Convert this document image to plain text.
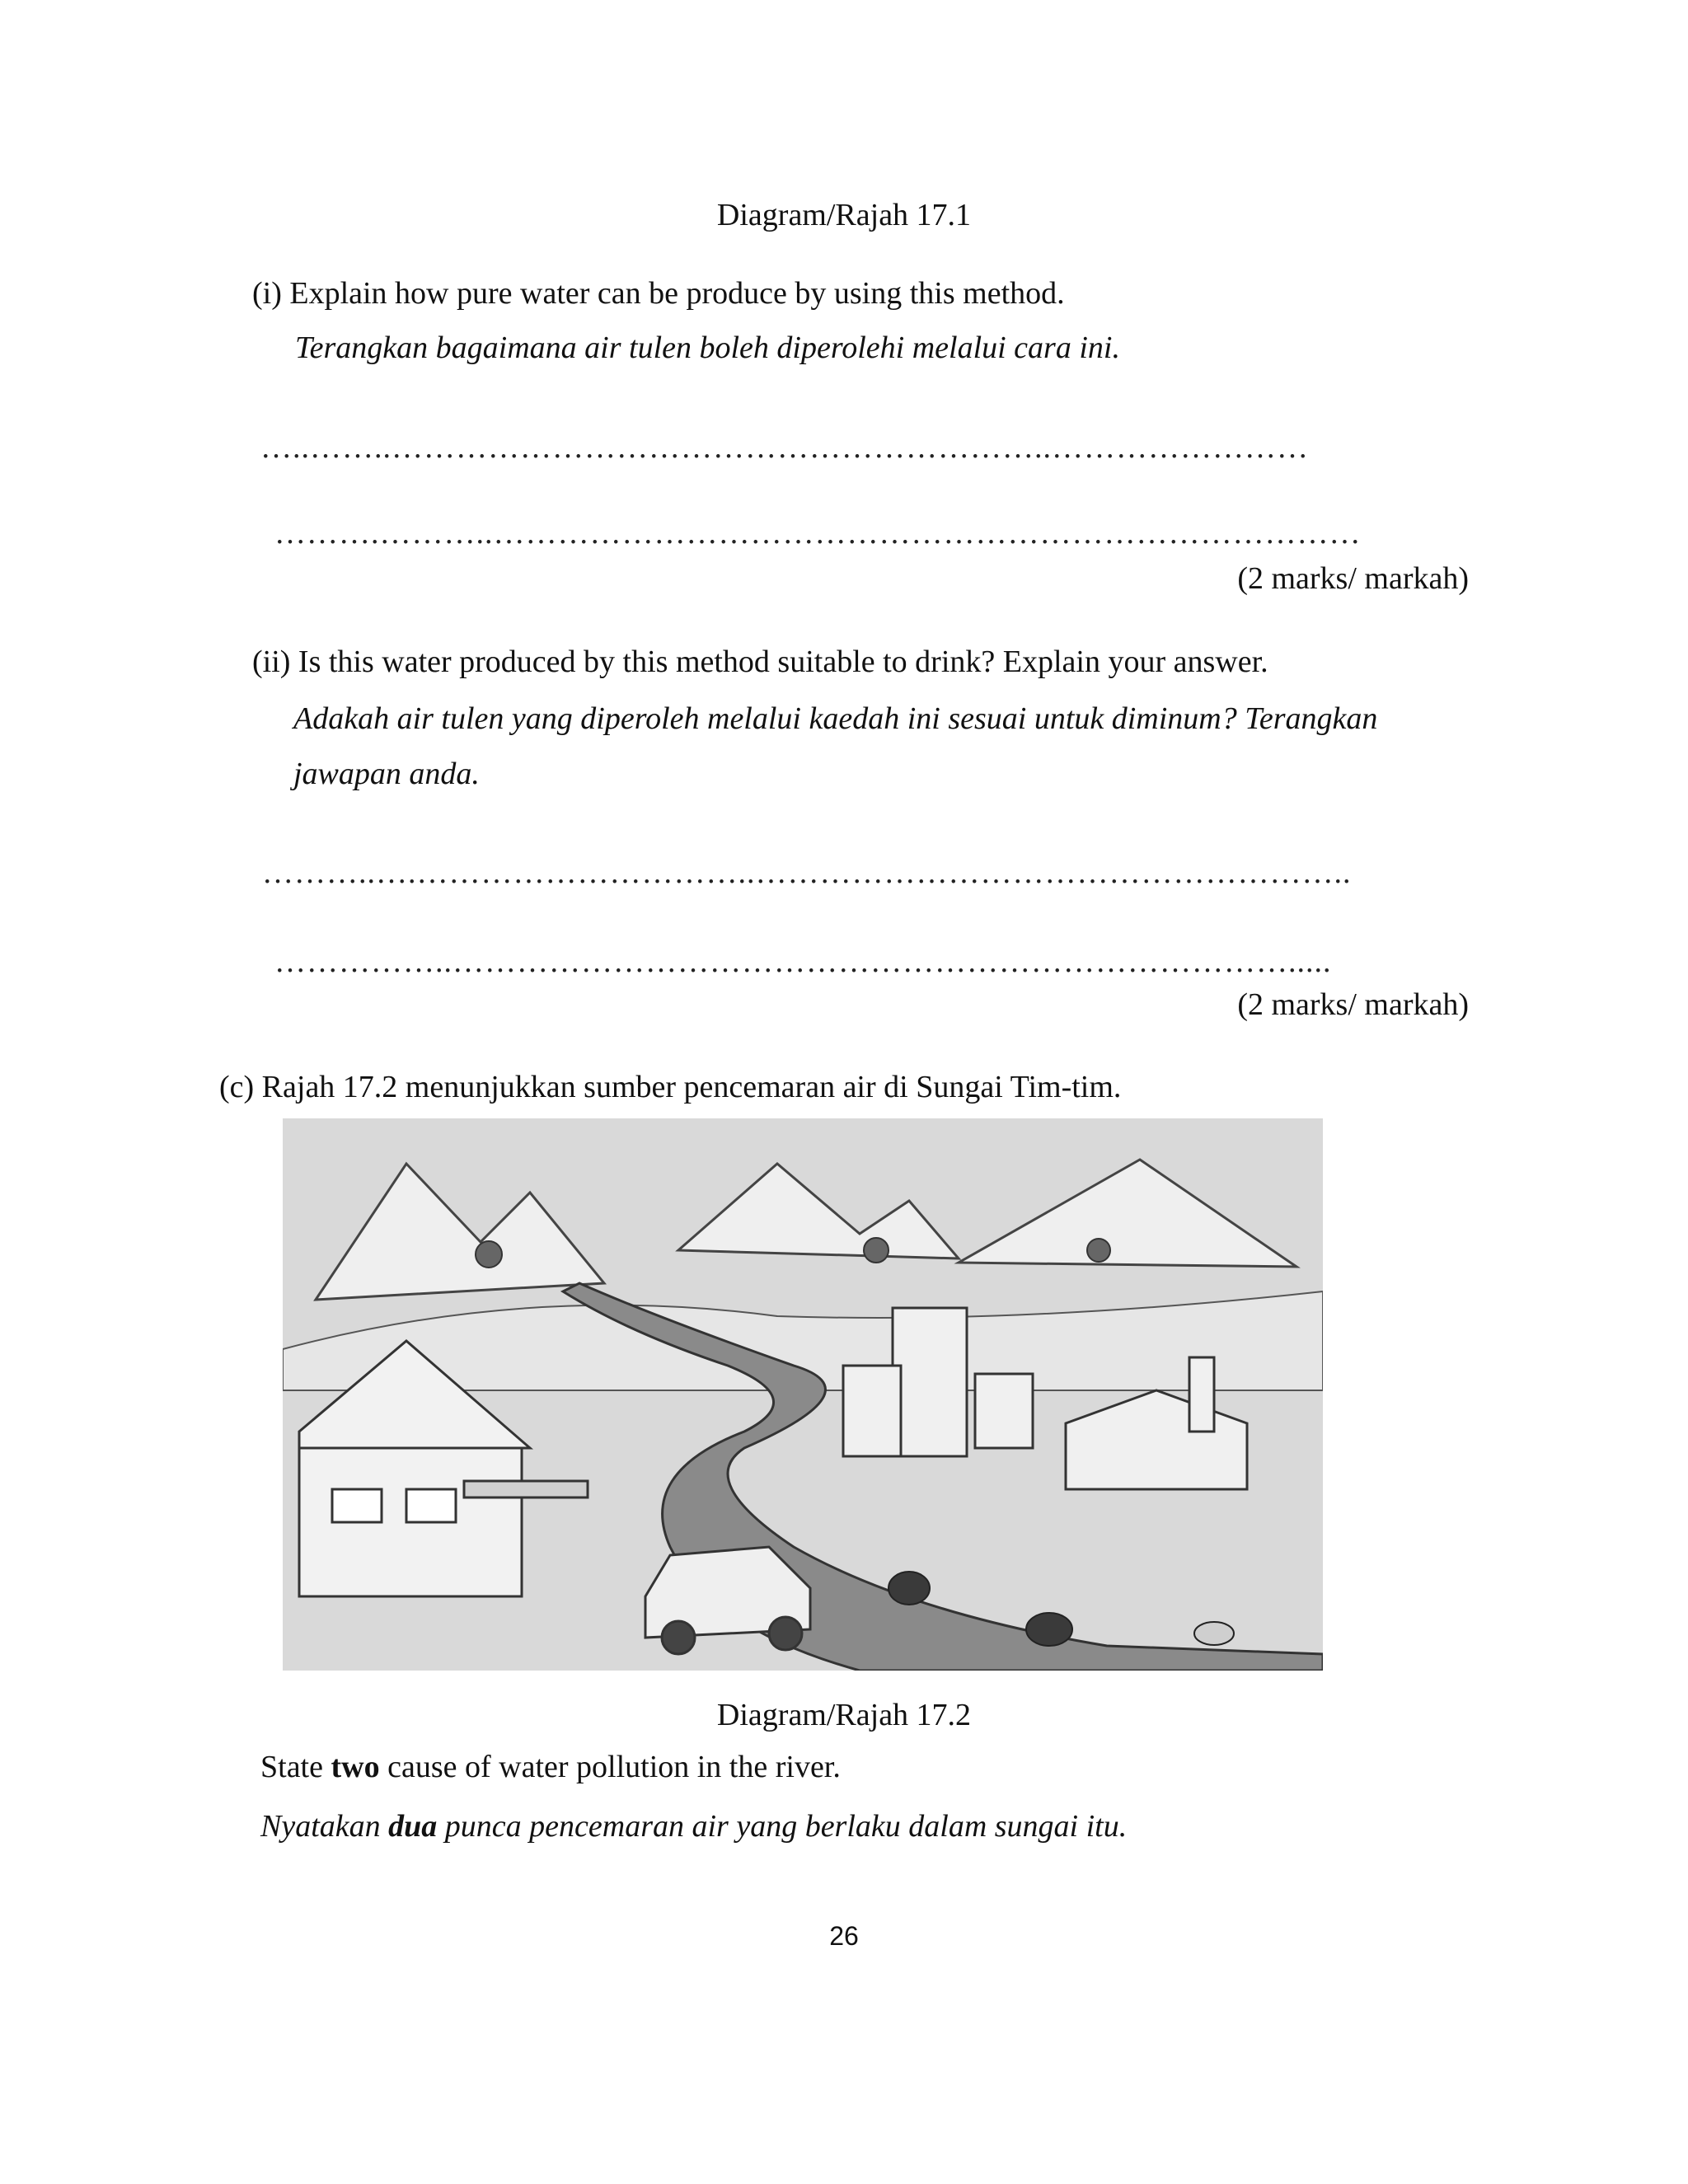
Diagram/Rajah 17.1
(i) Explain how pure water can be produce by using this method.
Terangkan bagaimana air tulen boleh diperolehi melalui cara ini.
…..……..……………………………………………………..……………………
……….………..………………………………………………………………………
(2 marks/ markah)
(ii) Is this water produced by this method suitable to drink? Explain your answer.
Adakah air tulen yang diperoleh melalui kaedah ini sesuai untuk diminum? Terangkan
jawapan anda.
………..….…………………………..………………………………………………..
……………..…………………………………………………………………….....
(2 marks/ markah)
(c) Rajah 17.2 menunjukkan sumber pencemaran air di Sungai Tim-tim.
Diagram/Rajah 17.2
State two cause of water pollution in the river.
Nyatakan dua punca pencemaran air yang berlaku dalam sungai itu.
26
